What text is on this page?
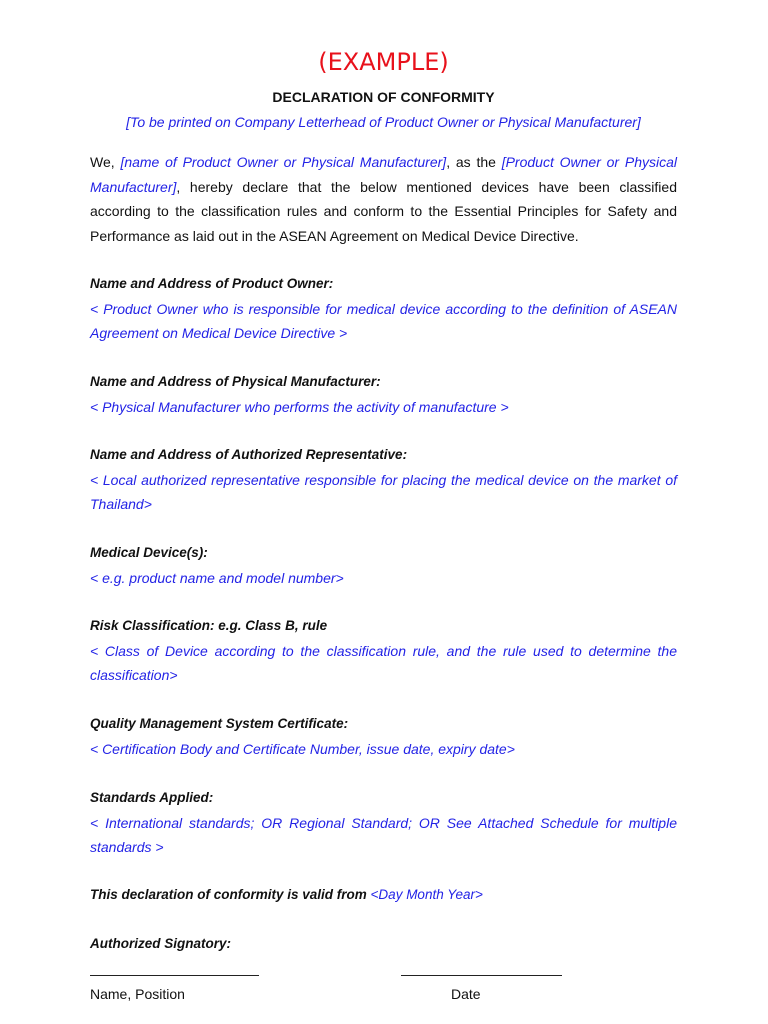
(EXAMPLE)
DECLARATION OF CONFORMITY
[To be printed on Company Letterhead of Product Owner or Physical Manufacturer]
We, [name of Product Owner or Physical Manufacturer], as the [Product Owner or Physical Manufacturer], hereby declare that the below mentioned devices have been classified according to the classification rules and conform to the Essential Principles for Safety and Performance as laid out in the ASEAN Agreement on Medical Device Directive.
Name and Address of Product Owner:
< Product Owner who is responsible for medical device according to the definition of ASEAN Agreement on Medical Device Directive >
Name and Address of Physical Manufacturer:
< Physical Manufacturer who performs the activity of manufacture >
Name and Address of Authorized Representative:
< Local authorized representative responsible for placing the medical device on the market of Thailand>
Medical Device(s):
< e.g. product name and model number>
Risk Classification: e.g. Class B, rule
< Class of Device according to the classification rule, and the rule used to determine the classification>
Quality Management System Certificate:
< Certification Body and Certificate Number, issue date, expiry date>
Standards Applied:
< International standards; OR Regional Standard; OR See Attached Schedule for multiple standards >
This declaration of conformity is valid from <Day Month Year>
Authorized Signatory:
Name, Position	Date
